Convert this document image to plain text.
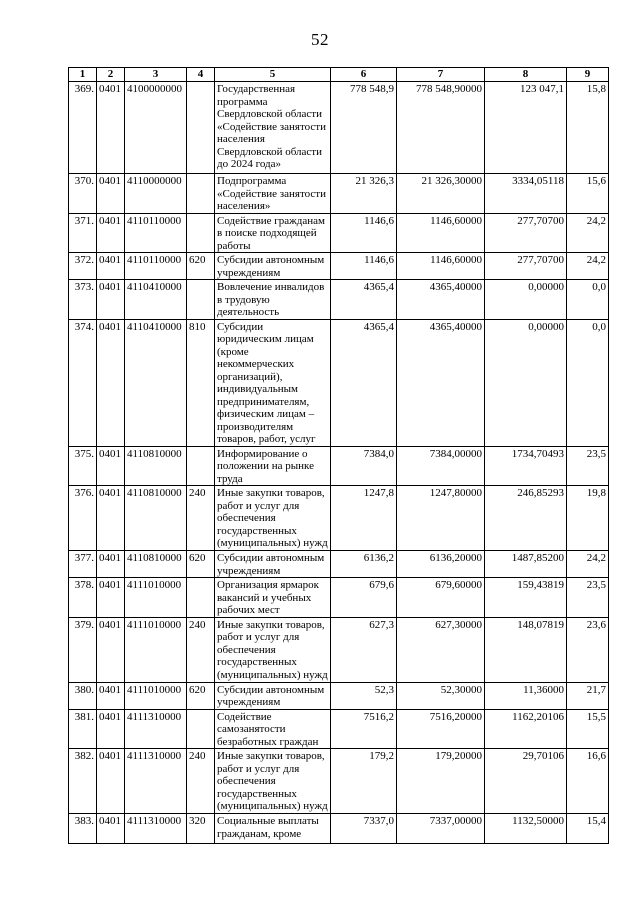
52
1	2	3	4	5	6	7	8	9
369.	0401	4100000000		Государственная программа Свердловской области «Содействие занятости населения Свердловской области до 2024 года»	778 548,9	778 548,90000	123 047,1	15,8
370.	0401	4110000000		Подпрограмма «Содействие занятости населения»	21 326,3	21 326,30000	3334,05118	15,6
371.	0401	4110110000		Содействие гражданам в поиске подходящей работы	1146,6	1146,60000	277,70700	24,2
372.	0401	4110110000	620	Субсидии автономным учреждениям	1146,6	1146,60000	277,70700	24,2
373.	0401	4110410000		Вовлечение инвалидов в трудовую деятельность	4365,4	4365,40000	0,00000	0,0
374.	0401	4110410000	810	Субсидии юридическим лицам (кроме некоммерческих организаций), индивидуальным предпринимателям, физическим лицам – производителям товаров, работ, услуг	4365,4	4365,40000	0,00000	0,0
375.	0401	4110810000		Информирование о положении на рынке труда	7384,0	7384,00000	1734,70493	23,5
376.	0401	4110810000	240	Иные закупки товаров, работ и услуг для обеспечения государственных (муниципальных) нужд	1247,8	1247,80000	246,85293	19,8
377.	0401	4110810000	620	Субсидии автономным учреждениям	6136,2	6136,20000	1487,85200	24,2
378.	0401	4111010000		Организация ярмарок вакансий и учебных рабочих мест	679,6	679,60000	159,43819	23,5
379.	0401	4111010000	240	Иные закупки товаров, работ и услуг для обеспечения государственных (муниципальных) нужд	627,3	627,30000	148,07819	23,6
380.	0401	4111010000	620	Субсидии автономным учреждениям	52,3	52,30000	11,36000	21,7
381.	0401	4111310000		Содействие самозанятости безработных граждан	7516,2	7516,20000	1162,20106	15,5
382.	0401	4111310000	240	Иные закупки товаров, работ и услуг для обеспечения государственных (муниципальных) нужд	179,2	179,20000	29,70106	16,6
383.	0401	4111310000	320	Социальные выплаты гражданам, кроме	7337,0	7337,00000	1132,50000	15,4
